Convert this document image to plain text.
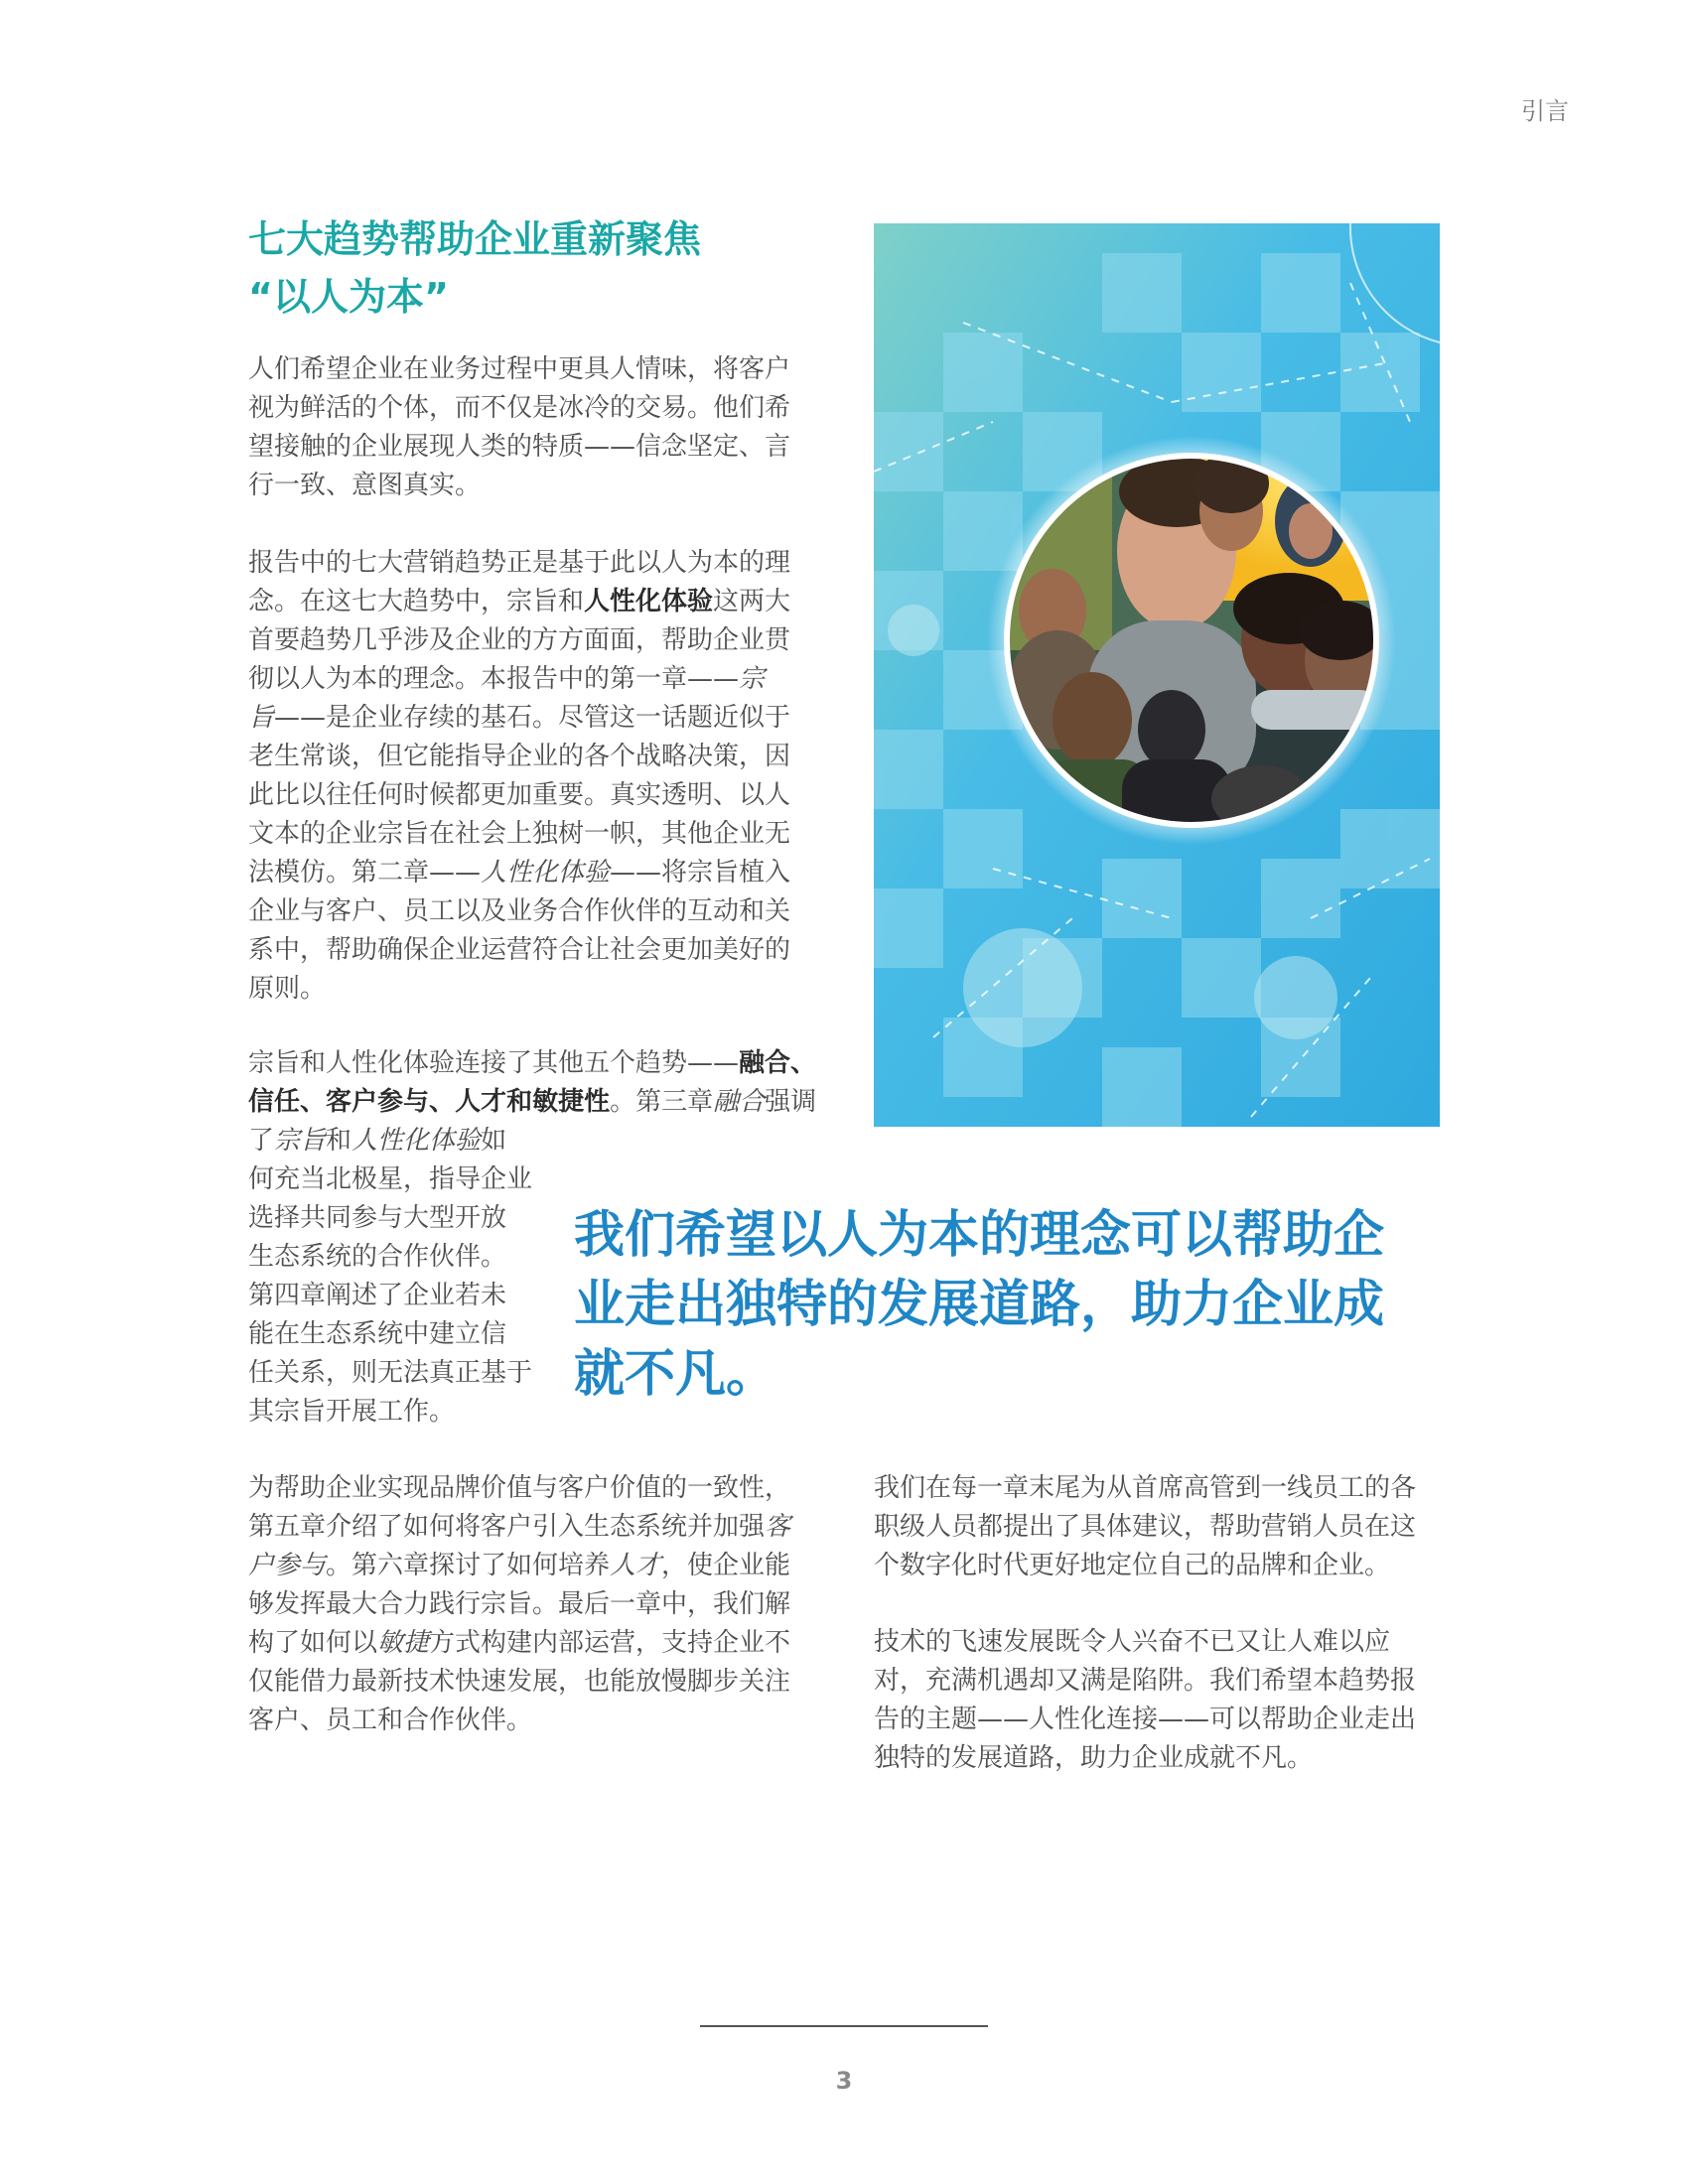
引言
七大趋势帮助企业重新聚焦
“以人为本”
人们希望企业在业务过程中更具人情味，将客户
视为鲜活的个体，而不仅是冰冷的交易。他们希
望接触的企业展现人类的特质——信念坚定、言
行一致、意图真实。
报告中的七大营销趋势正是基于此以人为本的理
念。在这七大趋势中，宗旨和人性化体验这两大
首要趋势几乎涉及企业的方方面面，帮助企业贯
彻以人为本的理念。本报告中的第一章——宗
旨——是企业存续的基石。尽管这一话题近似于
老生常谈，但它能指导企业的各个战略决策，因
此比以往任何时候都更加重要。真实透明、以人
文本的企业宗旨在社会上独树一帜，其他企业无
法模仿。第二章——人性化体验——将宗旨植入
企业与客户、员工以及业务合作伙伴的互动和关
系中，帮助确保企业运营符合让社会更加美好的
原则。
宗旨和人性化体验连接了其他五个趋势——融合、
信任、客户参与、人才和敏捷性。第三章融合强调
了宗旨和人性化体验如
何充当北极星，指导企业
选择共同参与大型开放
生态系统的合作伙伴。
第四章阐述了企业若未
能在生态系统中建立信
任关系，则无法真正基于
其宗旨开展工作。
我们希望以人为本的理念可以帮助企
业走出独特的发展道路，助力企业成
就不凡。
为帮助企业实现品牌价值与客户价值的一致性，
第五章介绍了如何将客户引入生态系统并加强客
户参与。第六章探讨了如何培养人才，使企业能
够发挥最大合力践行宗旨。最后一章中，我们解
构了如何以敏捷方式构建内部运营，支持企业不
仅能借力最新技术快速发展，也能放慢脚步关注
客户、员工和合作伙伴。
我们在每一章末尾为从首席高管到一线员工的各
职级人员都提出了具体建议，帮助营销人员在这
个数字化时代更好地定位自己的品牌和企业。
技术的飞速发展既令人兴奋不已又让人难以应
对，充满机遇却又满是陷阱。我们希望本趋势报
告的主题——人性化连接——可以帮助企业走出
独特的发展道路，助力企业成就不凡。
3
